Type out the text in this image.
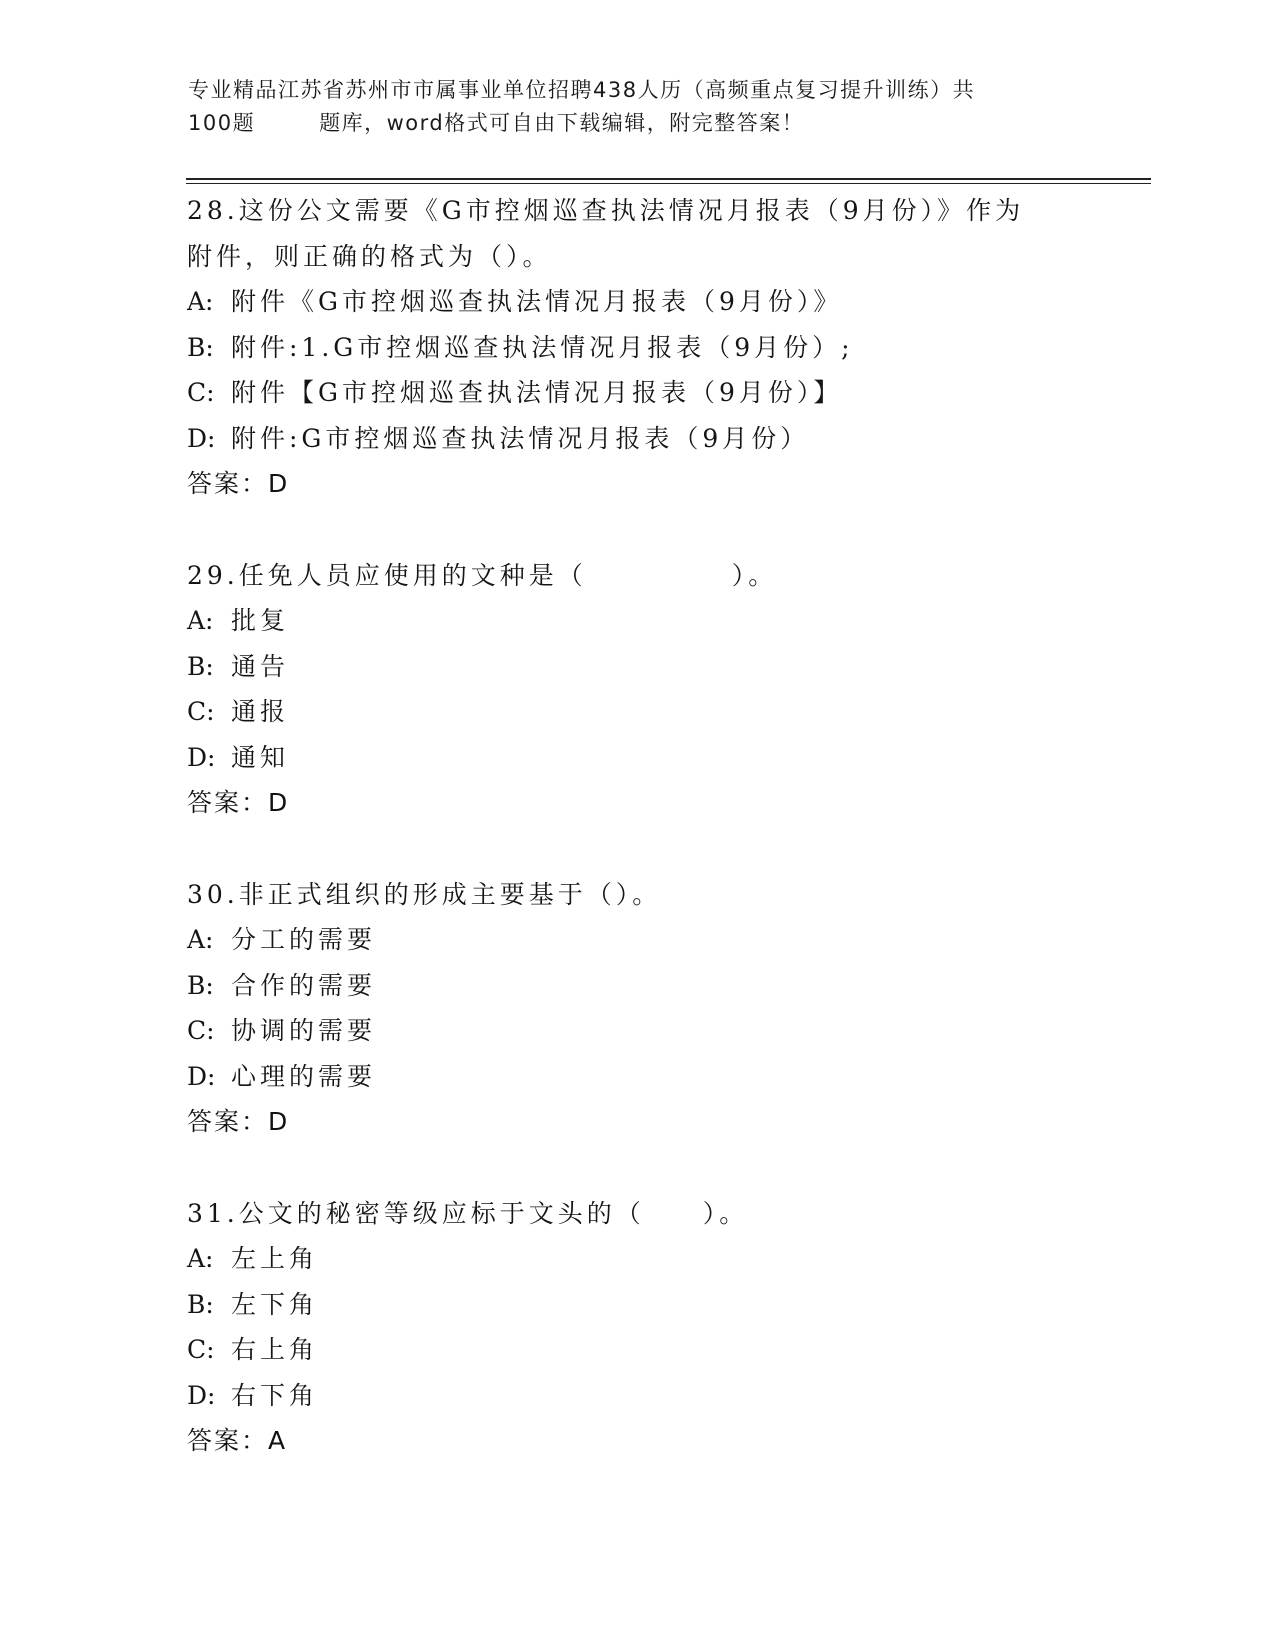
专业精品江苏省苏州市市属事业单位招聘438人历（高频重点复习提升训练）共
100题	题库，word格式可自由下载编辑，附完整答案！
28.这份公文需要《G市控烟巡查执法情况月报表（9月份）》作为附件，则正确的格式为（）。
A: 附件《G市控烟巡查执法情况月报表（9月份）》
B: 附件:1.G市控烟巡查执法情况月报表（9月份）;
C: 附件【G市控烟巡查执法情况月报表（9月份）】
D: 附件:G市控烟巡查执法情况月报表（9月份）
答案：D
29.任免人员应使用的文种是（　　　　　）。
A: 批复
B: 通告
C: 通报
D: 通知
答案：D
30.非正式组织的形成主要基于（）。
A: 分工的需要
B: 合作的需要
C: 协调的需要
D: 心理的需要
答案：D
31.公文的秘密等级应标于文头的（　　）。
A: 左上角
B: 左下角
C: 右上角
D: 右下角
答案：A
